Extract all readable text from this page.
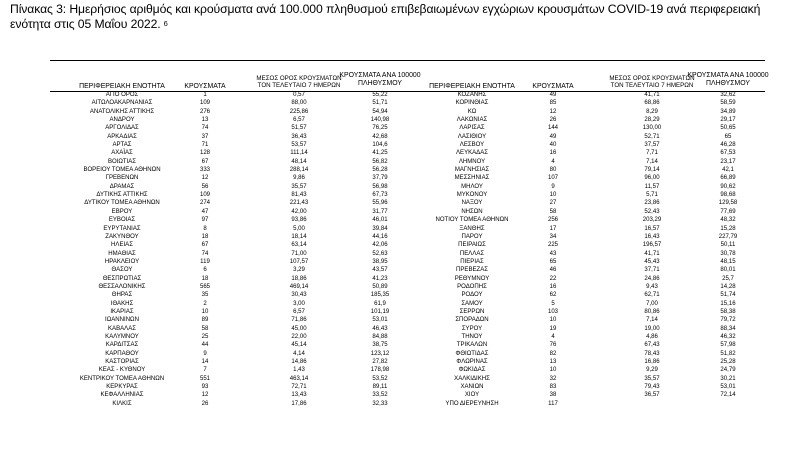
Πίνακας 3: Ημερήσιος αριθμός και κρούσματα ανά 100.000 πληθυσμού επιβεβαιωμένων εγχώριων κρουσμάτων COVID-19 ανά περιφερειακή ενότητα στις 05 Μαΐου 2022. $^6$
ΠΕΡΙΦΕΡΕΙΑΚΗ ΕΝΟΤΗΤΑ	ΚΡΟΥΣΜΑΤΑ
ΜΕΣΟΣ ΟΡΟΣ ΚΡΟΥΣΜΑΤΩΝ
ΤΟΝ ΤΕΛΕΥΤΑΙΟ 7 ΗΜΕΡΩΝ
ΚΡΟΥΣΜΑΤΑ ΑΝΑ 100000
ΠΛΗΘΥΣΜΟΥ	ΠΕΡΙΦΕΡΕΙΑΚΗ ΕΝΟΤΗΤΑ	ΚΡΟΥΣΜΑΤΑ
ΜΕΣΟΣ ΟΡΟΣ ΚΡΟΥΣΜΑΤΩΝ
ΤΟΝ ΤΕΛΕΥΤΑΙΟ 7 ΗΜΕΡΩΝ
ΚΡΟΥΣΜΑΤΑ ΑΝΑ 100000
ΠΛΗΘΥΣΜΟΥ
ΑΓΙΟ ΟΡΟΣ	1	0,57	55,22	ΚΟΖΑΝΗΣ	49	41,71	32,62
ΑΙΤΩΛΟΑΚΑΡΝΑΝΙΑΣ	109	88,00	51,71	ΚΟΡΙΝΘΙΑΣ	85	68,86	58,59
ΑΝΑΤΟΛΙΚΗΣ ΑΤΤΙΚΗΣ	276	225,86	54,94	ΚΩ	12	8,29	34,89
ΑΝΔΡΟΥ	13	6,57	140,98	ΛΑΚΩΝΙΑΣ	26	28,29	29,17
ΑΡΓΟΛΙΔΑΣ	74	51,57	76,25	ΛΑΡΙΣΑΣ	144	130,00	50,65
ΑΡΚΑΔΙΑΣ	37	36,43	42,68	ΛΑΣΙΘΙΟΥ	49	52,71	65
ΑΡΤΑΣ	71	53,57	104,6	ΛΕΣΒΟΥ	40	37,57	46,28
ΑΧΑΪΑΣ	128	111,14	41,25	ΛΕΥΚΑΔΑΣ	16	7,71	67,53
ΒΟΙΩΤΙΑΣ	67	48,14	56,82	ΛΗΜΝΟΥ	4	7,14	23,17
ΒΟΡΕΙΟΥ ΤΟΜΕΑ ΑΘΗΝΩΝ	333	288,14	56,28	ΜΑΓΝΗΣΙΑΣ	80	79,14	42,1
ΓΡΕΒΕΝΩΝ	12	9,86	37,79	ΜΕΣΣΗΝΙΑΣ	107	96,00	66,89
ΔΡΑΜΑΣ	56	35,57	56,98	ΜΗΛΟΥ	9	11,57	90,62
ΔΥΤΙΚΗΣ ΑΤΤΙΚΗΣ	109	81,43	67,73	ΜΥΚΟΝΟΥ	10	5,71	98,68
ΔΥΤΙΚΟΥ ΤΟΜΕΑ ΑΘΗΝΩΝ	274	221,43	55,96	ΝΑΞΟΥ	27	23,86	129,58
ΕΒΡΟΥ	47	42,00	31,77	ΝΗΣΩΝ	58	52,43	77,69
ΕΥΒΟΙΑΣ	97	93,86	46,01	ΝΟΤΙΟΥ ΤΟΜΕΑ ΑΘΗΝΩΝ	256	203,29	48,32
ΕΥΡΥΤΑΝΙΑΣ	8	5,00	39,84	ΞΑΝΘΗΣ	17	16,57	15,28
ΖΑΚΥΝΘΟΥ	18	18,14	44,16	ΠΑΡΟΥ	34	16,43	227,79
ΗΛΕΙΑΣ	67	63,14	42,06	ΠΕΙΡΑΙΩΣ	225	196,57	50,11
ΗΜΑΘΙΑΣ	74	71,00	52,63	ΠΕΛΛΑΣ	43	41,71	30,78
ΗΡΑΚΛΕΙΟΥ	119	107,57	38,95	ΠΙΕΡΙΑΣ	65	45,43	48,15
ΘΑΣΟΥ	6	3,29	43,57	ΠΡΕΒΕΖΑΣ	46	37,71	80,01
ΘΕΣΠΡΩΤΙΑΣ	18	18,86	41,23	ΡΕΘΥΜΝΟΥ	22	24,86	25,7
ΘΕΣΣΑΛΟΝΙΚΗΣ	565	469,14	50,89	ΡΟΔΟΠΗΣ	16	9,43	14,28
ΘΗΡΑΣ	35	30,43	185,35	ΡΟΔΟΥ	62	62,71	51,74
ΙΘΑΚΗΣ	2	3,00	61,9	ΣΑΜΟΥ	5	7,00	15,16
ΙΚΑΡΙΑΣ	10	6,57	101,19	ΣΕΡΡΩΝ	103	80,86	58,38
ΙΩΑΝΝΙΝΩΝ	89	71,86	53,01	ΣΠΟΡΑΔΩΝ	10	7,14	79,72
ΚΑΒΑΛΑΣ	58	45,00	46,43	ΣΥΡΟΥ	19	19,00	88,34
ΚΑΛΥΜΝΟΥ	25	22,00	84,88	ΤΗΝΟΥ	4	4,86	46,32
ΚΑΡΔΙΤΣΑΣ	44	45,14	38,75	ΤΡΙΚΑΛΩΝ	76	67,43	57,98
ΚΑΡΠΑΘΟΥ	9	4,14	123,12	ΦΘΙΩΤΙΔΑΣ	82	78,43	51,82
ΚΑΣΤΟΡΙΑΣ	14	14,86	27,82	ΦΛΩΡΙΝΑΣ	13	16,86	25,28
ΚΕΑΣ - ΚΥΘΝΟΥ	7	1,43	178,98	ΦΩΚΙΔΑΣ	10	9,29	24,79
ΚΕΝΤΡΙΚΟΥ ΤΟΜΕΑ ΑΘΗΝΩΝ	551	463,14	53,52	ΧΑΛΚΙΔΙΚΗΣ	32	35,57	30,21
ΚΕΡΚΥΡΑΣ	93	72,71	89,11	ΧΑΝΙΩΝ	83	79,43	53,01
ΚΕΦΑΛΛΗΝΙΑΣ	12	13,43	33,52	ΧΙΟΥ	38	36,57	72,14
ΚΙΛΚΙΣ	26	17,86	32,33	ΥΠΟ ΔΙΕΡΕΥΝΗΣΗ	117
